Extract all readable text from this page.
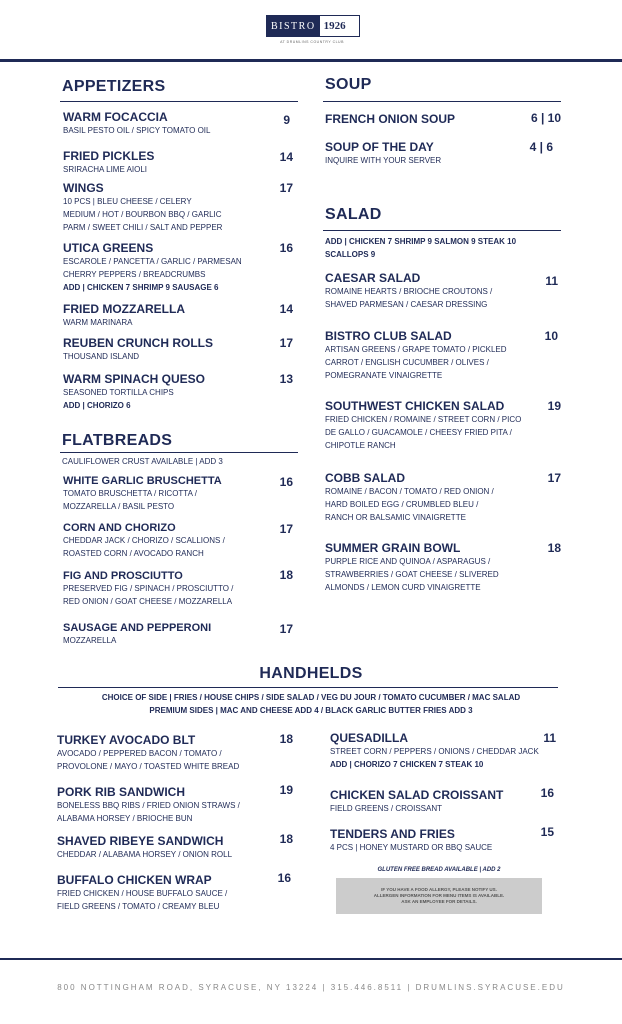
BISTRO 1926
AT DRUMLINS COUNTRY CLUB
APPETIZERS
WARM FOCACCIA	9
BASIL PESTO OIL / SPICY TOMATO OIL
FRIED PICKLES	14
SRIRACHA LIME AIOLI
WINGS	17
10 PCS | BLEU CHEESE / CELERY
MEDIUM / HOT / BOURBON BBQ / GARLIC
PARM / SWEET CHILI / SALT AND PEPPER
UTICA GREENS	16
ESCAROLE / PANCETTA / GARLIC / PARMESAN
CHERRY PEPPERS / BREADCRUMBS
ADD | CHICKEN 7 SHRIMP 9 SAUSAGE 6
FRIED MOZZARELLA	14
WARM MARINARA
REUBEN CRUNCH ROLLS	17
THOUSAND ISLAND
WARM SPINACH QUESO	13
SEASONED TORTILLA CHIPS
ADD | CHORIZO 6
FLATBREADS
CAULIFLOWER CRUST AVAILABLE | ADD 3
WHITE GARLIC BRUSCHETTA	16
TOMATO BRUSCHETTA / RICOTTA /
MOZZARELLA / BASIL PESTO
CORN AND CHORIZO	17
CHEDDAR JACK / CHORIZO / SCALLIONS /
ROASTED CORN / AVOCADO RANCH
FIG AND PROSCIUTTO	18
PRESERVED FIG / SPINACH / PROSCIUTTO /
RED ONION / GOAT CHEESE / MOZZARELLA
SAUSAGE AND PEPPERONI	17
MOZZARELLA
SOUP
FRENCH ONION SOUP	6 | 10
SOUP OF THE DAY	4 | 6
INQUIRE WITH YOUR SERVER
SALAD
ADD | CHICKEN 7 SHRIMP 9 SALMON 9 STEAK 10
SCALLOPS 9
CAESAR SALAD	11
ROMAINE HEARTS / BRIOCHE CROUTONS /
SHAVED PARMESAN / CAESAR DRESSING
BISTRO CLUB SALAD	10
ARTISAN GREENS / GRAPE TOMATO / PICKLED
CARROT / ENGLISH CUCUMBER / OLIVES /
POMEGRANATE VINAIGRETTE
SOUTHWEST CHICKEN SALAD	19
FRIED CHICKEN / ROMAINE / STREET CORN / PICO
DE GALLO / GUACAMOLE / CHEESY FRIED PITA /
CHIPOTLE RANCH
COBB SALAD	17
ROMAINE / BACON / TOMATO / RED ONION /
HARD BOILED EGG / CRUMBLED BLEU /
RANCH OR BALSAMIC VINAIGRETTE
SUMMER GRAIN BOWL	18
PURPLE RICE AND QUINOA / ASPARAGUS /
STRAWBERRIES / GOAT CHEESE / SLIVERED
ALMONDS / LEMON CURD VINAIGRETTE
HANDHELDS
CHOICE OF SIDE | FRIES / HOUSE CHIPS / SIDE SALAD / VEG DU JOUR / TOMATO CUCUMBER / MAC SALAD
PREMIUM SIDES | MAC AND CHEESE ADD 4 / BLACK GARLIC BUTTER FRIES ADD 3
TURKEY AVOCADO BLT	18
AVOCADO / PEPPERED BACON / TOMATO /
PROVOLONE / MAYO / TOASTED WHITE BREAD
PORK RIB SANDWICH	19
BONELESS BBQ RIBS / FRIED ONION STRAWS /
ALABAMA HORSEY / BRIOCHE BUN
SHAVED RIBEYE SANDWICH	18
CHEDDAR / ALABAMA HORSEY / ONION ROLL
BUFFALO CHICKEN WRAP	16
FRIED CHICKEN / HOUSE BUFFALO SAUCE /
FIELD GREENS / TOMATO / CREAMY BLEU
QUESADILLA	11
STREET CORN / PEPPERS / ONIONS / CHEDDAR JACK
ADD | CHORIZO 7 CHICKEN 7 STEAK 10
CHICKEN SALAD CROISSANT	16
FIELD GREENS / CROISSANT
TENDERS AND FRIES	15
4 PCS | HONEY MUSTARD OR BBQ SAUCE
GLUTEN FREE BREAD AVAILABLE | ADD 2
IF YOU HAVE A FOOD ALLERGY, PLEASE NOTIFY US.
ALLERGEN INFORMATION FOR MENU ITEMS IS AVAILABLE.
ASK AN EMPLOYEE FOR DETAILS.
800 NOTTINGHAM ROAD, SYRACUSE, NY 13224 | 315.446.8511 | DRUMLINS.SYRACUSE.EDU
